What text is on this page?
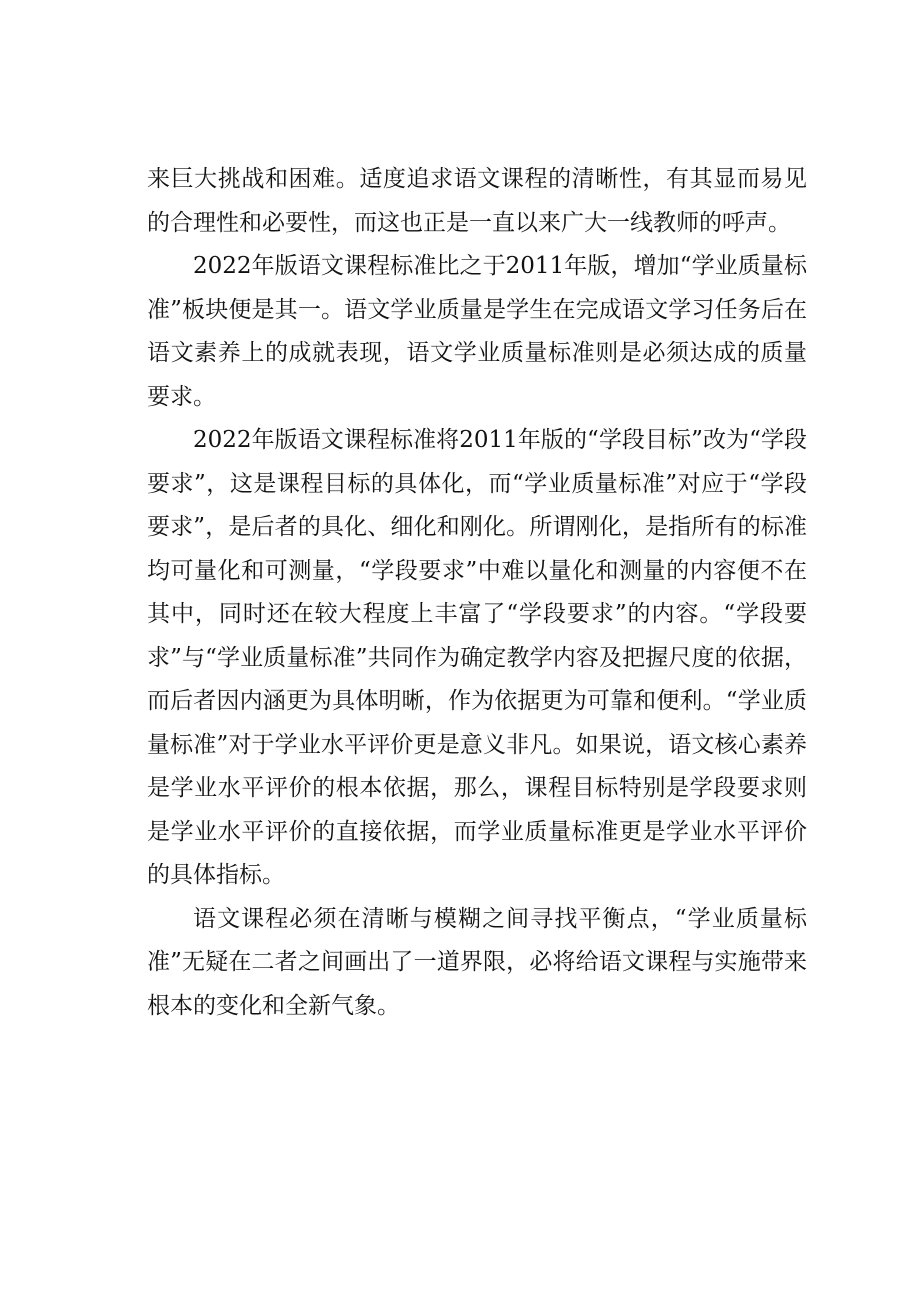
来巨大挑战和困难。适度追求语文课程的清晰性，有其显而易见的合理性和必要性，而这也正是一直以来广大一线教师的呼声。

2022年版语文课程标准比之于2011年版，增加“学业质量标准”板块便是其一。语文学业质量是学生在完成语文学习任务后在语文素养上的成就表现，语文学业质量标准则是必须达成的质量要求。

2022年版语文课程标准将2011年版的“学段目标”改为“学段要求”，这是课程目标的具体化，而“学业质量标准”对应于“学段要求”，是后者的具化、细化和刚化。所谓刚化，是指所有的标准均可量化和可测量，“学段要求”中难以量化和测量的内容便不在其中，同时还在较大程度上丰富了“学段要求”的内容。“学段要求”与“学业质量标准”共同作为确定教学内容及把握尺度的依据，而后者因内涵更为具体明晰，作为依据更为可靠和便利。“学业质量标准”对于学业水平评价更是意义非凡。如果说，语文核心素养是学业水平评价的根本依据，那么，课程目标特别是学段要求则是学业水平评价的直接依据，而学业质量标准更是学业水平评价的具体指标。

语文课程必须在清晰与模糊之间寻找平衡点，“学业质量标准”无疑在二者之间画出了一道界限，必将给语文课程与实施带来根本的变化和全新气象。
